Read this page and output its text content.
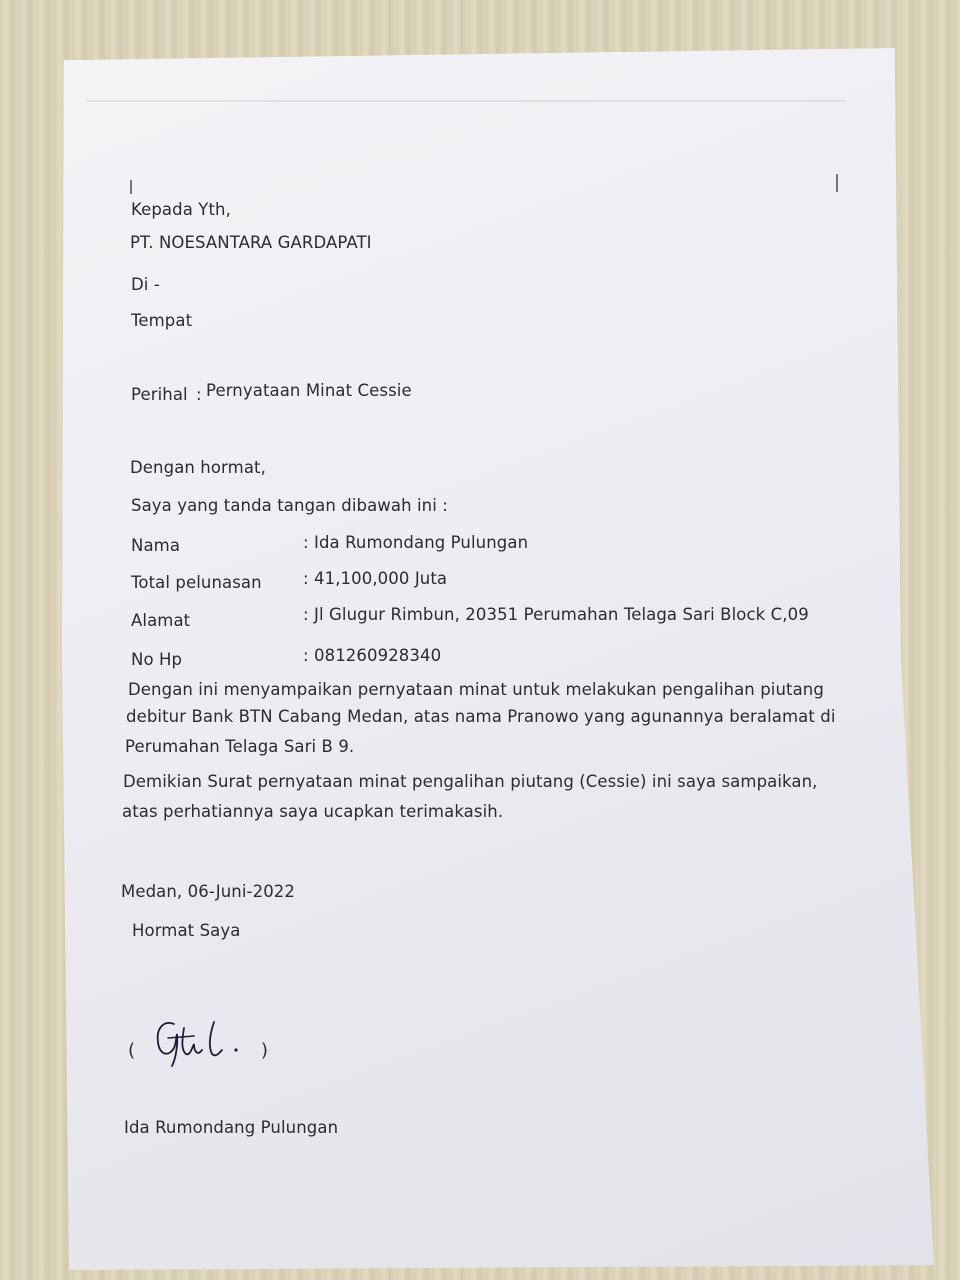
Kepada Yth,

PT. NOESANTARA GARDAPATI

Di -

Tempat

Perihal : Pernyataan Minat Cessie

Dengan hormat,

Saya yang tanda tangan dibawah ini :

Nama	: Ida Rumondang Pulungan

Total pelunasan	: 41,100,000 Juta

Alamat	: Jl Glugur Rimbun, 20351 Perumahan Telaga Sari Block C,09

No Hp	: 081260928340

Dengan ini menyampaikan pernyataan minat untuk melakukan pengalihan piutang

debitur Bank BTN Cabang Medan, atas nama Pranowo yang agunannya beralamat di

Perumahan Telaga Sari B 9.

Demikian Surat pernyataan minat pengalihan piutang (Cessie) ini saya sampaikan,

atas perhatiannya saya ucapkan terimakasih.

Medan, 06-Juni-2022

Hormat Saya

(	)

Ida Rumondang Pulungan
